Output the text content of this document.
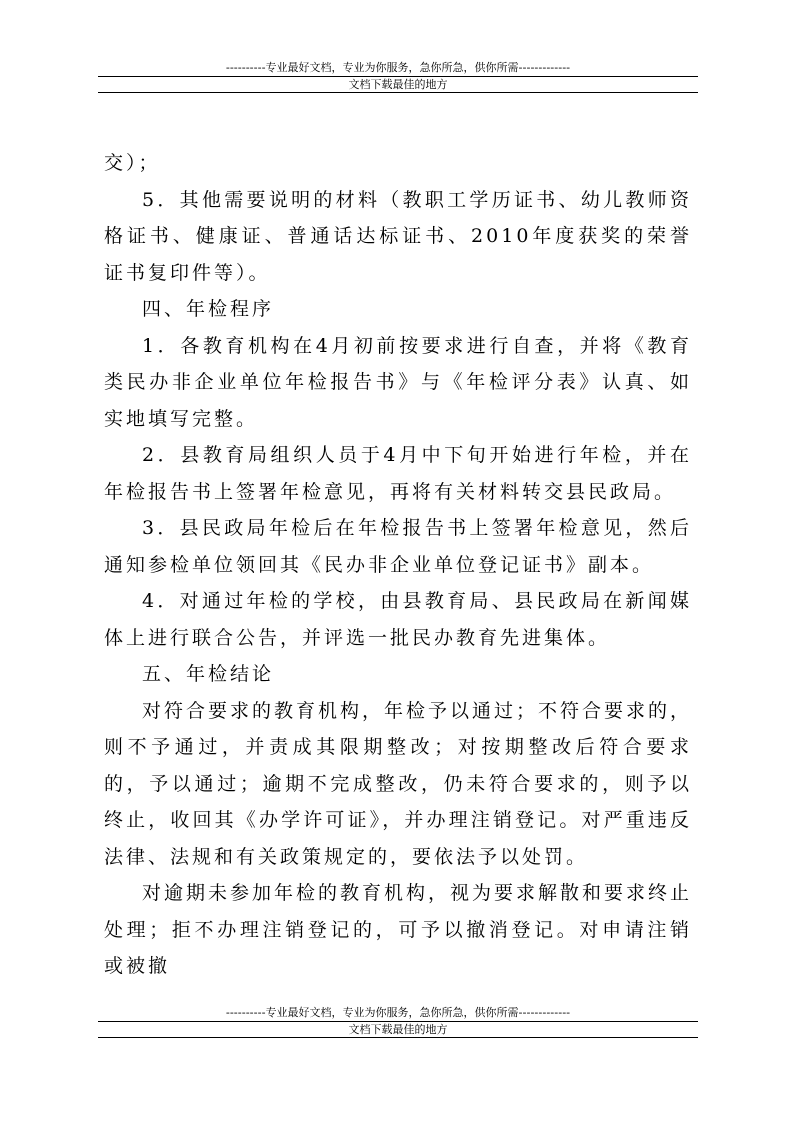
----------专业最好文档，专业为你服务，急你所急，供你所需-------------
文档下载最佳的地方

交）；

5．其他需要说明的材料（教职工学历证书、幼儿教师资格证书、健康证、普通话达标证书、2010年度获奖的荣誉证书复印件等）。

四、年检程序

1．各教育机构在4月初前按要求进行自查，并将《教育类民办非企业单位年检报告书》与《年检评分表》认真、如实地填写完整。

2．县教育局组织人员于4月中下旬开始进行年检，并在年检报告书上签署年检意见，再将有关材料转交县民政局。

3．县民政局年检后在年检报告书上签署年检意见，然后通知参检单位领回其《民办非企业单位登记证书》副本。

4．对通过年检的学校，由县教育局、县民政局在新闻媒体上进行联合公告，并评选一批民办教育先进集体。

五、年检结论

对符合要求的教育机构，年检予以通过；不符合要求的，则不予通过，并责成其限期整改；对按期整改后符合要求的，予以通过；逾期不完成整改，仍未符合要求的，则予以终止，收回其《办学许可证》，并办理注销登记。对严重违反法律、法规和有关政策规定的，要依法予以处罚。

对逾期未参加年检的教育机构，视为要求解散和要求终止处理；拒不办理注销登记的，可予以撤消登记。对申请注销或被撤

----------专业最好文档，专业为你服务，急你所急，供你所需-------------
文档下载最佳的地方
